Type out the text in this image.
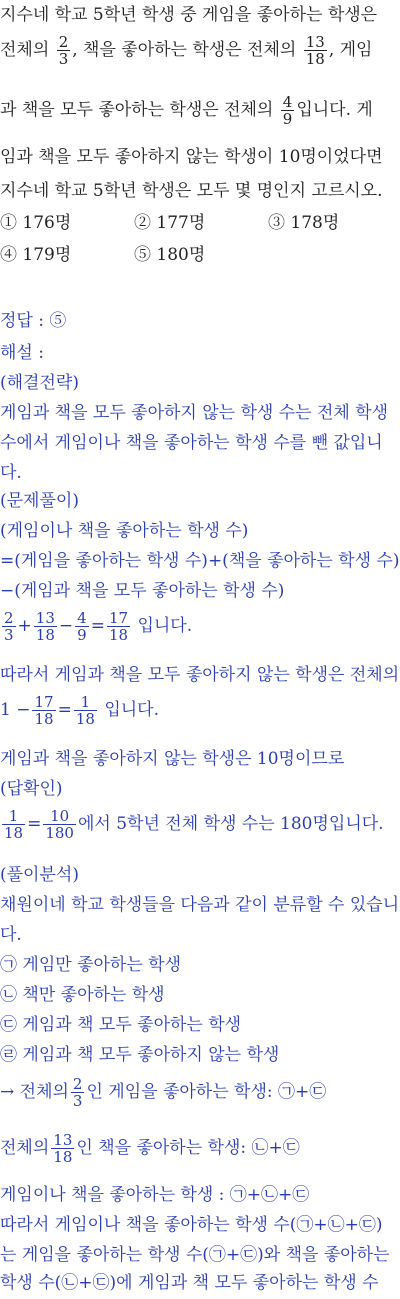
지수네 학교 5학년 학생 중 게임을 좋아하는 학생은
전체의 $\frac{2}{3}$ , 책을 좋아하는 학생은 전체의 $\frac{13}{18}$ , 게임
과 책을 모두 좋아하는 학생은 전체의 $\frac{4}{9}$ 입니다. 게
임과 책을 모두 좋아하지 않는 학생이 10명이었다면
지수네 학교 5학년 학생은 모두 몇 명인지 고르시오.
① 176명	② 177명	③ 178명
④ 179명	⑤ 180명
정답 : ⑤
해설 :
(해결전략)
게임과 책을 모두 좋아하지 않는 학생 수는 전체 학생
수에서 게임이나 책을 좋아하는 학생 수를 뺀 값입니
다.
(문제풀이)
(게임이나 책을 좋아하는 학생 수)
=(게임을 좋아하는 학생 수)+(책을 좋아하는 학생 수)
−(게임과 책을 모두 좋아하는 학생 수)
$\frac{2}{3} + \frac{13}{18} - \frac{4}{9} = \frac{17}{18}$ 입니다.
따라서 게임과 책을 모두 좋아하지 않는 학생은 전체의
$1 - \frac{17}{18} = \frac{1}{18}$ 입니다.
게임과 책을 좋아하지 않는 학생은 10명이므로
(답확인)
$\frac{1}{18} = \frac{10}{180}$ 에서 5학년 전체 학생 수는 180명입니다.
(풀이분석)
채원이네 학교 학생들을 다음과 같이 분류할 수 있습니
다.
㉠ 게임만 좋아하는 학생
㉡ 책만 좋아하는 학생
㉢ 게임과 책 모두 좋아하는 학생
㉣ 게임과 책 모두 좋아하지 않는 학생
→ 전체의 $\frac{2}{3}$ 인 게임을 좋아하는 학생: ㉠+㉢
전체의 $\frac{13}{18}$ 인 책을 좋아하는 학생: ㉡+㉢
게임이나 책을 좋아하는 학생 : ㉠+㉡+㉢
따라서 게임이나 책을 좋아하는 학생 수(㉠+㉡+㉢)
는 게임을 좋아하는 학생 수(㉠+㉢)와 책을 좋아하는
학생 수(㉡+㉢)에 게임과 책 모두 좋아하는 학생 수
